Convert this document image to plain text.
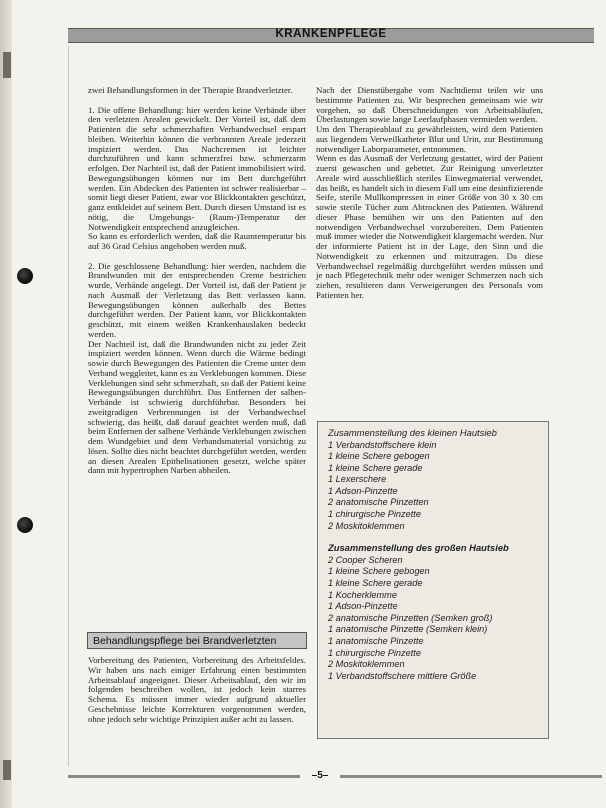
KRANKENPFLEGE

zwei Behandlungsformen in der Therapie Brandverletzter.

1. Die offene Behandlung: hier werden keine Verbände über den verletzten Arealen gewickelt. Der Vorteil ist, daß dem Patienten die sehr schmerzhaften Verbandwechsel erspart bleiben. Weiterhin können die verbrannten Areale jederzeit inspiziert werden. Das Nachcremen ist leichter durchzuführen und kann schmerzfrei bzw. schmerzarm erfolgen. Der Nachteil ist, daß der Patient immobilisiert wird. Bewegungsübungen können nur im Bett durchgeführt werden. Ein Abdecken des Patienten ist schwer realisierbar – somit liegt dieser Patient, zwar vor Blickkontakten geschützt, ganz entkleidet auf seinem Bett. Durch diesen Umstand ist es nötig, die Umgebungs- (Raum-)Temperatur der Notwendigkeit entsprechend anzugleichen.

So kann es erforderlich werden, daß die Raumtemperatur bis auf 36 Grad Celsius angehoben werden muß.

2. Die geschlossene Behandlung: hier werden, nachdem die Brandwunden mit der entsprechenden Creme bestrichen wurde, Verbände angelegt. Der Vorteil ist, daß der Patient je nach Ausmaß der Verletzung das Bett verlassen kann. Bewegungsübungen können außerhalb des Bettes durchgeführt werden. Der Patient kann, vor Blickkontakten geschützt, mit einem weißen Krankenhauslaken bedeckt werden.

Der Nachteil ist, daß die Brandwunden nicht zu jeder Zeit inspiziert werden können. Wenn durch die Wärme bedingt sowie durch Bewegungen des Patienten die Creme unter dem Verband weggleitet, kann es zu Verklebungen kommen. Diese Verklebungen sind sehr schmerzhaft, so daß der Patient keine Bewegungsübungen durchführt. Das Entfernen der salben- Verbände ist schwierig durchführbar. Besonders bei zweitgradigen Verbrennungen ist der Verbandwechsel schwierig, das heißt, daß darauf geachtet werden muß, daß beim Entfernen der salbene Verbände Verklebungen zwischen dem Wundgebiet und dem Verbandsmaterial vorsichtig zu lösen. Sollte dies nicht beachtet durchgeführt werden, werden an diesen Arealen Epithelisationen gesetzt, welche später dann mit hypertrophen Narben abheilen.

Behandlungspflege bei Brandverletzten
Vorbereitung des Patienten, Vorbereitung des Arbeitsfeldes. Wir haben uns nach einiger Erfahrung einen bestimmten Arbeitsablauf angeeignet. Dieser Arbeitsablauf, den wir im folgenden beschreiben wollen, ist jedoch kein starres Schema. Es müssen immer wieder aufgrund aktueller Geschehnisse leichte Korrekturen vorgenommen werden, ohne jedoch sehr wichtige Prinzipien außer acht zu lassen.

Nach der Dienstübergabe vom Nachtdienst teilen wir uns bestimmte Patienten zu. Wir besprechen gemeinsam wie wir vorgehen, so daß Überschneidungen von Arbeitsabläufen, Überlastungen sowie lange Leerlaufphasen vermieden werden.

Um den Therapieablauf zu gewährleisten, wird dem Patienten aus liegendem Verweilkatheter Blut und Urin, zur Bestimmung notwendiger Laborparameter, entnommen.

Wenn es das Ausmaß der Verletzung gestattet, wird der Patient zuerst gewaschen und gebettet. Zur Reinigung unverletzter Areale wird ausschließlich steriles Einwegmaterial verwendet, das heißt, es handelt sich in diesem Fall um eine desinfizierende Seife, sterile Mullkompressen in einer Größe von 30 x 30 cm sowie sterile Tücher zum Abtrocknen des Patienten. Während dieser Phase bemühen wir uns den Patienten auf den notwendigen Verbandwechsel vorzubereiten. Dem Patienten muß immer wieder die Notwendigkeit klargemacht werden. Nur der informierte Patient ist in der Lage, den Sinn und die Notwendigkeit zu erkennen und mitzutragen. Da diese Verbandwechsel regelmäßig durchgeführt werden müssen und je nach Pflegetechnik mehr oder weniger Schmerzen nach sich ziehen, resultieren dann Verweigerungen des Personals vom Patienten her.

Zusammenstellung des kleinen Hautsieb
1 Verbandstoffschere klein
1 kleine Schere gebogen
1 kleine Schere gerade
1 Lexerschere
1 Adson-Pinzette
2 anatomische Pinzetten
1 chirurgische Pinzette
2 Moskitoklemmen
Zusammenstellung des großen Hautsieb
2 Cooper Scheren
1 kleine Schere gebogen
1 kleine Schere gerade
1 Kocherklemme
1 Adson-Pinzette
2 anatomische Pinzetten (Semken groß)
1 anatomische Pinzette (Semken klein)
1 anatomische Pinzette
1 chirurgische Pinzette
2 Moskitoklemmen
1 Verbandstoffschere mittlere Größe
–5–
